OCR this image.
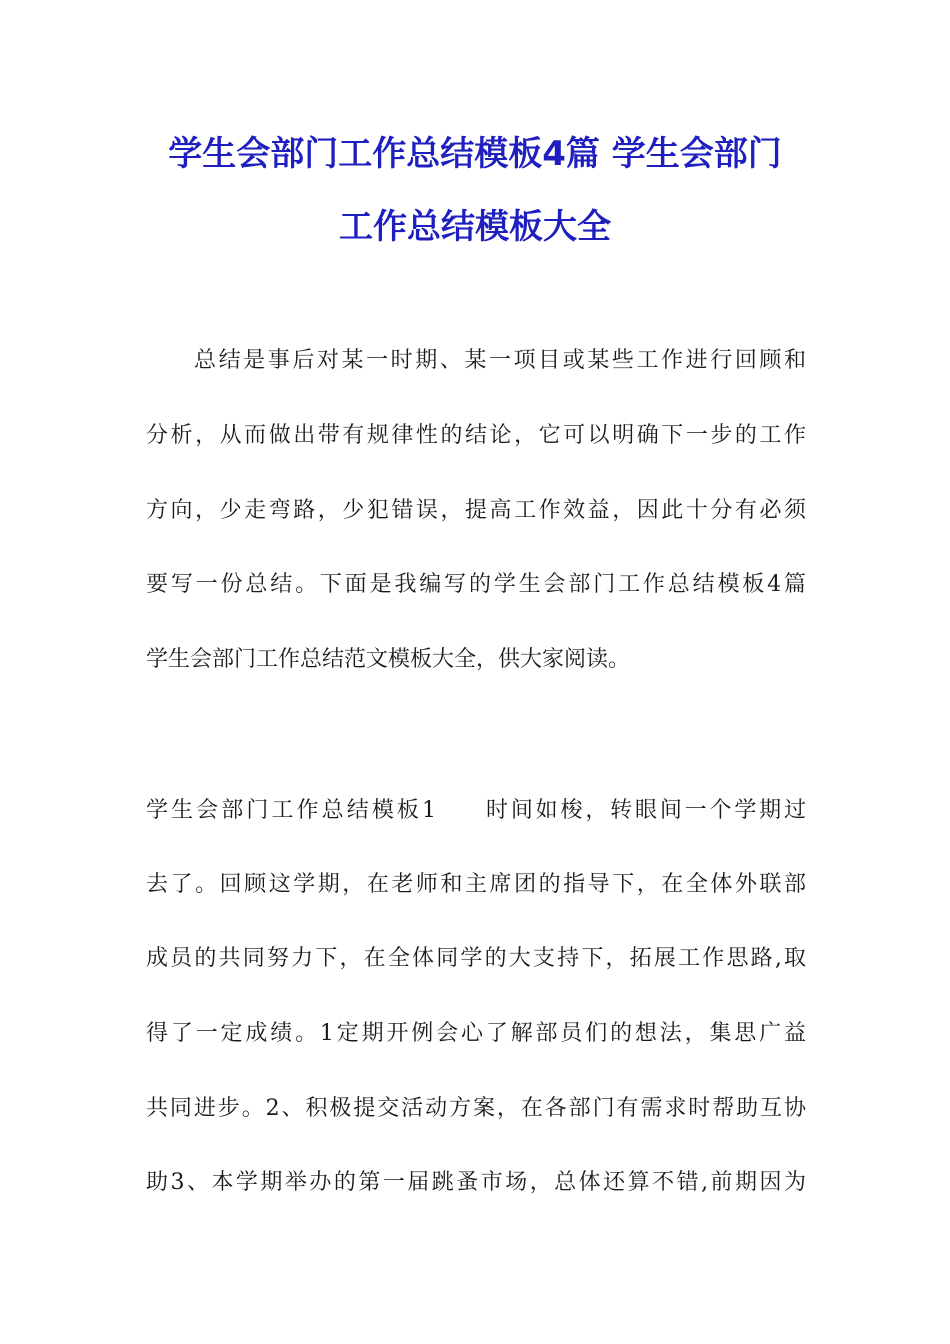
学生会部门工作总结模板4篇 学生会部门
工作总结模板大全

总结是事后对某一时期、某一项目或某些工作进行回顾和

分析，从而做出带有规律性的结论，它可以明确下一步的工作

方向，少走弯路，少犯错误，提高工作效益，因此十分有必须

要写一份总结。下面是我编写的学生会部门工作总结模板4篇

学生会部门工作总结范文模板大全，供大家阅读。

学生会部门工作总结模板1 时间如梭，转眼间一个学期过

去了。回顾这学期，在老师和主席团的指导下，在全体外联部

成员的共同努力下，在全体同学的大支持下，拓展工作思路,取

得了一定成绩。1定期开例会心了解部员们的想法，集思广益

共同进步。2、积极提交活动方案，在各部门有需求时帮助互协

助3、本学期举办的第一届跳蚤市场，总体还算不错,前期因为
